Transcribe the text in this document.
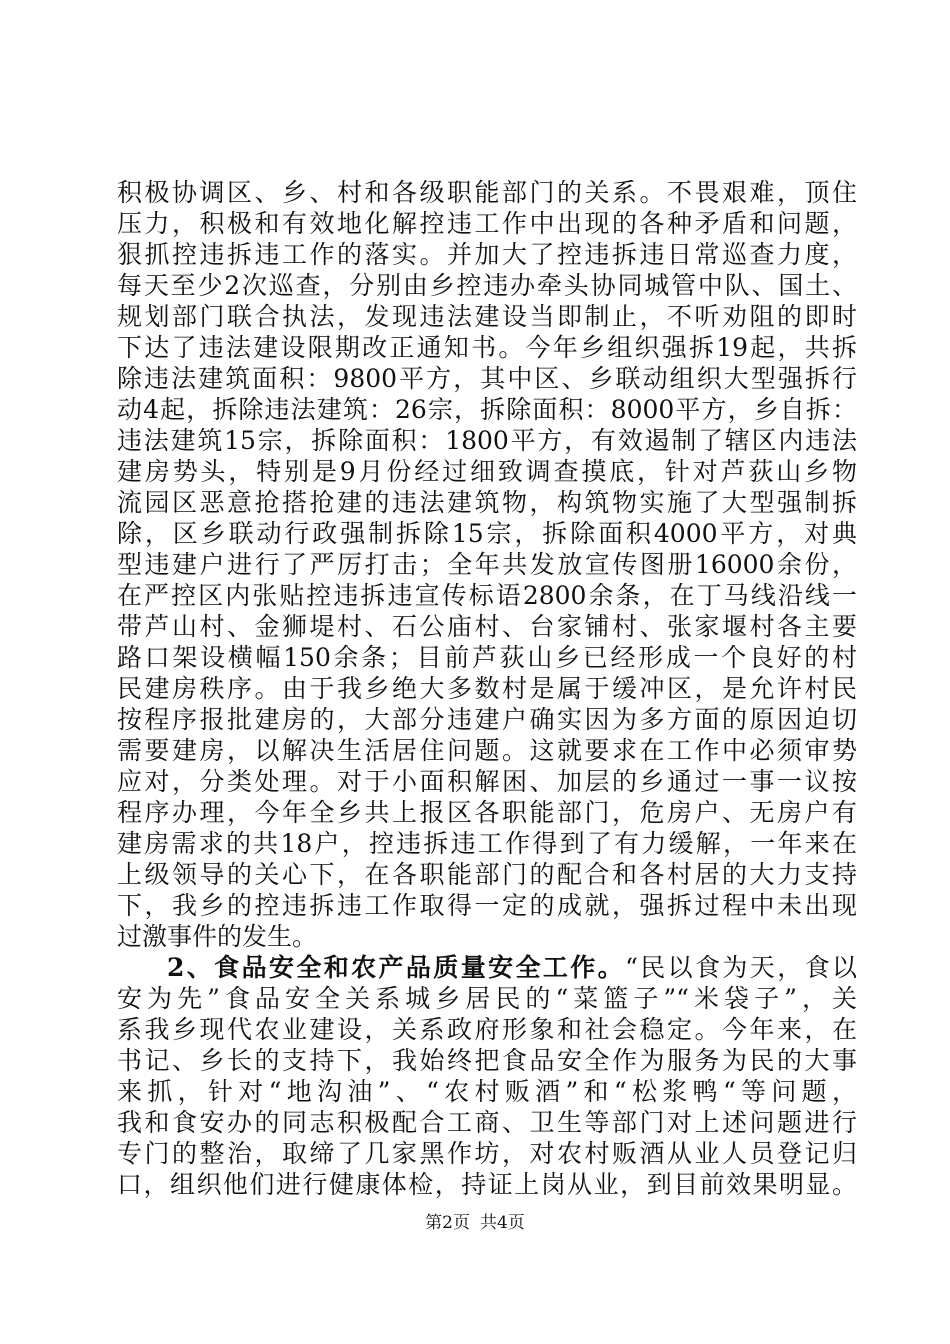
积极协调区、乡、村和各级职能部门的关系。不畏艰难，顶住
压力，积极和有效地化解控违工作中出现的各种矛盾和问题，
狠抓控违拆违工作的落实。并加大了控违拆违日常巡查力度，
每天至少2次巡查，分别由乡控违办牵头协同城管中队、国土、
规划部门联合执法，发现违法建设当即制止，不听劝阻的即时
下达了违法建设限期改正通知书。今年乡组织强拆19起，共拆
除违法建筑面积：9800平方，其中区、乡联动组织大型强拆行
动4起，拆除违法建筑：26宗，拆除面积：8000平方，乡自拆：
违法建筑15宗，拆除面积：1800平方，有效遏制了辖区内违法
建房势头，特别是9月份经过细致调查摸底，针对芦荻山乡物
流园区恶意抢搭抢建的违法建筑物，构筑物实施了大型强制拆
除，区乡联动行政强制拆除15宗，拆除面积4000平方，对典
型违建户进行了严厉打击；全年共发放宣传图册16000余份，
在严控区内张贴控违拆违宣传标语2800余条，在丁马线沿线一
带芦山村、金狮堤村、石公庙村、台家铺村、张家堰村各主要
路口架设横幅150余条；目前芦荻山乡已经形成一个良好的村
民建房秩序。由于我乡绝大多数村是属于缓冲区，是允许村民
按程序报批建房的，大部分违建户确实因为多方面的原因迫切
需要建房，以解决生活居住问题。这就要求在工作中必须审势
应对，分类处理。对于小面积解困、加层的乡通过一事一议按
程序办理，今年全乡共上报区各职能部门，危房户、无房户有
建房需求的共18户，控违拆违工作得到了有力缓解，一年来在
上级领导的关心下，在各职能部门的配合和各村居的大力支持
下，我乡的控违拆违工作取得一定的成就，强拆过程中未出现
过激事件的发生。
2、食品安全和农产品质量安全工作。“民以食为天，食以
安为先”食品安全关系城乡居民的“菜篮子”“米袋子”，关
系我乡现代农业建设，关系政府形象和社会稳定。今年来，在
书记、乡长的支持下，我始终把食品安全作为服务为民的大事
来抓，针对“地沟油”、“农村贩酒”和“松浆鸭“等问题，
我和食安办的同志积极配合工商、卫生等部门对上述问题进行
专门的整治，取缔了几家黑作坊，对农村贩酒从业人员登记归
口，组织他们进行健康体检，持证上岗从业，到目前效果明显。
第2页 共4页
